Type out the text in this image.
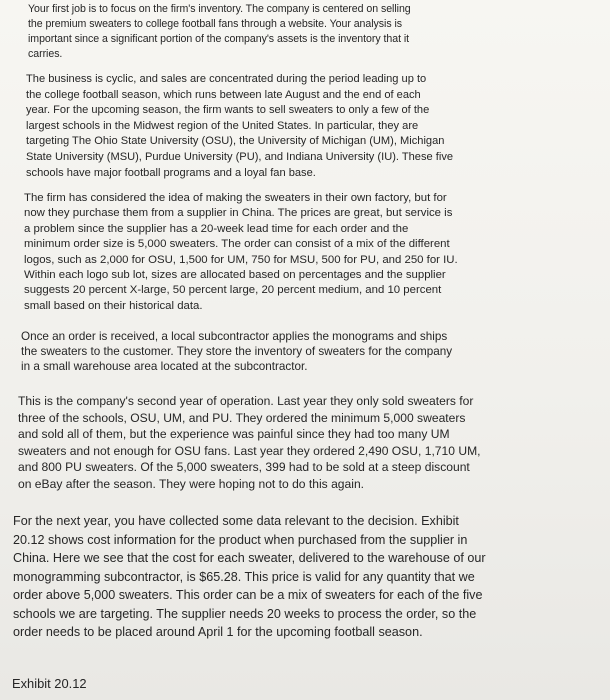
Your first job is to focus on the firm's inventory. The company is centered on selling
the premium sweaters to college football fans through a website. Your analysis is
important since a significant portion of the company's assets is the inventory that it
carries.

The business is cyclic, and sales are concentrated during the period leading up to
the college football season, which runs between late August and the end of each
year. For the upcoming season, the firm wants to sell sweaters to only a few of the
largest schools in the Midwest region of the United States. In particular, they are
targeting The Ohio State University (OSU), the University of Michigan (UM), Michigan
State University (MSU), Purdue University (PU), and Indiana University (IU). These five
schools have major football programs and a loyal fan base.

The firm has considered the idea of making the sweaters in their own factory, but for
now they purchase them from a supplier in China. The prices are great, but service is
a problem since the supplier has a 20-week lead time for each order and the
minimum order size is 5,000 sweaters. The order can consist of a mix of the different
logos, such as 2,000 for OSU, 1,500 for UM, 750 for MSU, 500 for PU, and 250 for IU.
Within each logo sub lot, sizes are allocated based on percentages and the supplier
suggests 20 percent X-large, 50 percent large, 20 percent medium, and 10 percent
small based on their historical data.

Once an order is received, a local subcontractor applies the monograms and ships
the sweaters to the customer. They store the inventory of sweaters for the company
in a small warehouse area located at the subcontractor.

This is the company's second year of operation. Last year they only sold sweaters for
three of the schools, OSU, UM, and PU. They ordered the minimum 5,000 sweaters
and sold all of them, but the experience was painful since they had too many UM
sweaters and not enough for OSU fans. Last year they ordered 2,490 OSU, 1,710 UM,
and 800 PU sweaters. Of the 5,000 sweaters, 399 had to be sold at a steep discount
on eBay after the season. They were hoping not to do this again.

For the next year, you have collected some data relevant to the decision. Exhibit
20.12 shows cost information for the product when purchased from the supplier in
China. Here we see that the cost for each sweater, delivered to the warehouse of our
monogramming subcontractor, is $65.28. This price is valid for any quantity that we
order above 5,000 sweaters. This order can be a mix of sweaters for each of the five
schools we are targeting. The supplier needs 20 weeks to process the order, so the
order needs to be placed around April 1 for the upcoming football season.

Exhibit 20.12
